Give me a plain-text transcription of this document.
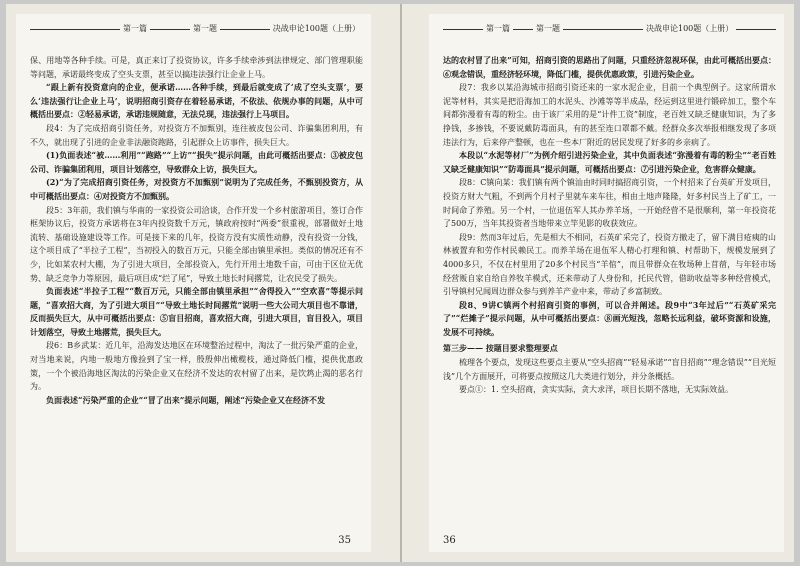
第一篇	第一题	决战申论100题（上册）

保、用地等各种手续。可是，真正来订了投资协议，许多手续牵涉到法律规定、部门管理职能等问题，承诺最终变成了空头支票，甚至以搞违法强行让企业上马。

“跟上新有投资意向的企业，便承诺……各种手续，到最后就变成了‘成了空头支票’，要么‘违法强行让企业上马’，说明招商引资存在着轻易承诺，不依法、依规办事的问题，从中可概括出要点：②轻易承诺，承诺违规随意，无法兑现，违法强行上马项目。

段4：为了完成招商引资任务，对投资方不加甄别，连往被皮包公司、诈骗集团利用，有不久，就出现了引进的企业非法融资跑路，引起群众上访事件，损失巨大。

(1)负面表述“被……利用”“跑路”“上访”“损失”提示问题，由此可概括出要点：③被皮包公司、诈骗集团利用，项目计划落空，导致群众上访，损失巨大。

(2)“为了完成招商引资任务，对投资方不加甄别”说明为了完成任务，不甄别投资方，从中可概括出要点：④对投资方不加甄别。

段5：3年前，我们镇与华南的一家投资公司洽谈，合作开发一个乡村旅游项目，签订合作框架协议后，投资方承诺将在3年内投资数千万元，镇政府按时“两委”很重视，部署做好土地流转、基础设施建设等工作。可是接下来的几年，投资方没有实质性动静，没有投资一分钱，这个项目成了“半拉子工程”，当初投入的数百万元，只能全部由镇里承担。类似的情况还有不少，比如某农村大棚，为了引进大项目，全部投资入，先行开用土地数千亩，可由于区位无优势、缺乏竞争力等原因，最后项目成“烂了尾”，导致土地长时间撂荒，让农民受了损失。

负面表述“半拉子工程”“数百万元，只能全部由镇里承担”“舍得投入”“空欢喜”等提示问题，“喜欢招大商，为了引进大项目”“导致土地长时间撂荒”说明一些大公司大项目也不靠谱，反而损失巨大，从中可概括出要点：⑤盲目招商，喜欢招大商，引进大项目，盲目投入，项目计划落空，导致土地撂荒，损失巨大。

段6：B乡武某：近几年，沿海发达地区在环境整治过程中，淘汰了一批污染严重的企业，对当地来说，内地一般地方像捡到了宝一样，殷殷伸出橄榄枝，通过降低门槛，提供优惠政策，一个个被沿海地区淘汰的污染企业又在经济不发达的农村留了出来，是饮鸩止渴的恶名行为。

负面表述“污染严重的企业”“冒了出来”提示问题，阐述“污染企业又在经济不发

35
第一篇	第一题	决战申论100题（上册）

达的农村冒了出来”可知，招商引资的思路出了问题，只重经济忽视环保，由此可概括出要点：⑥观念错误，重经济轻环境，降低门槛，提供优惠政策，引进污染企业。

段7：我乡以某沿海城市招商引资还来的一家水泥企业，目前一个典型例子。这家所谓水泥等材料，其实是把沿海加工的水泥头、沙滩等等半成品，经运到这里进行锻碎加工，整个车间都弥漫着有毒的粉尘。由于该厂采用的是“计件工资”制度，老百姓又缺乏健康知识，为了多挣钱，多掺钱，不要说戴防毒面具，有的甚至连口罩都不戴。经群众多次举报相继发现了多项违法行为，后来停产整顿，也在一些本厂附近的居民发现了好多的乡亲病了。

本段以“水泥等材厂”为例介绍引进污染企业，其中负面表述“弥漫着有毒的粉尘”“老百姓又缺乏健康知识”“防毒面具”提示问题，可概括出要点：⑦引进污染企业，危害群众健康。

段8：C镇向某：我们镇有两个镇汕由时同时搞招商引资，一个村招来了台英矿开发项目，投资方财大气粗，不到两个月村子里就车来车往，相由土地声隆隆，好多村民当上了矿工，一时间命了养殖。另一个村，一位退伍军人其办养羊场，一开始经营不是很顺利，第一年投资花了500万，当年其投资者当地带来立竿见影的收获效应。

段9：然而3年过后，先是相大不相同，石英矿采完了，投资方撤走了，留下满目疮痍的山林被置弃和劳作村民赖民工。而养羊场在退伍军人精心打理和镇、村帮助下，规模发展到了4000多只，不仅在村里用了20多个村民当“羊倌”，而且带群众在牧场种上苜蓿，与年轻市场经营贩自家自给自养牧羊模式，还来带动了人身份和，托民代管，借助收益等多种经营模式，引导镇村兄闻周边群众参与到养羊产业中来，带动了乡富制致。

段8、9讲C镇两个村招商引资的事例，可以合并阐述。段9中“3年过后”“石英矿采完了”“烂摊子”提示问题，从中可概括出要点：⑧画光短浅，忽略长远利益，破坏资源和设施，发展不可持续。

第三步—— 按题目要求整理要点

梳理各个要点，发现这些要点主要从“空头招商”“轻易承诺”“盲目招商”“理念错误”“目光短浅”几个方面展开，可将要点按照这几大类进行划分，并分条概括。

要点①：1. 空头招商，贪实实际，贪大求洋，项目长期不落地，无实际效益。

36
